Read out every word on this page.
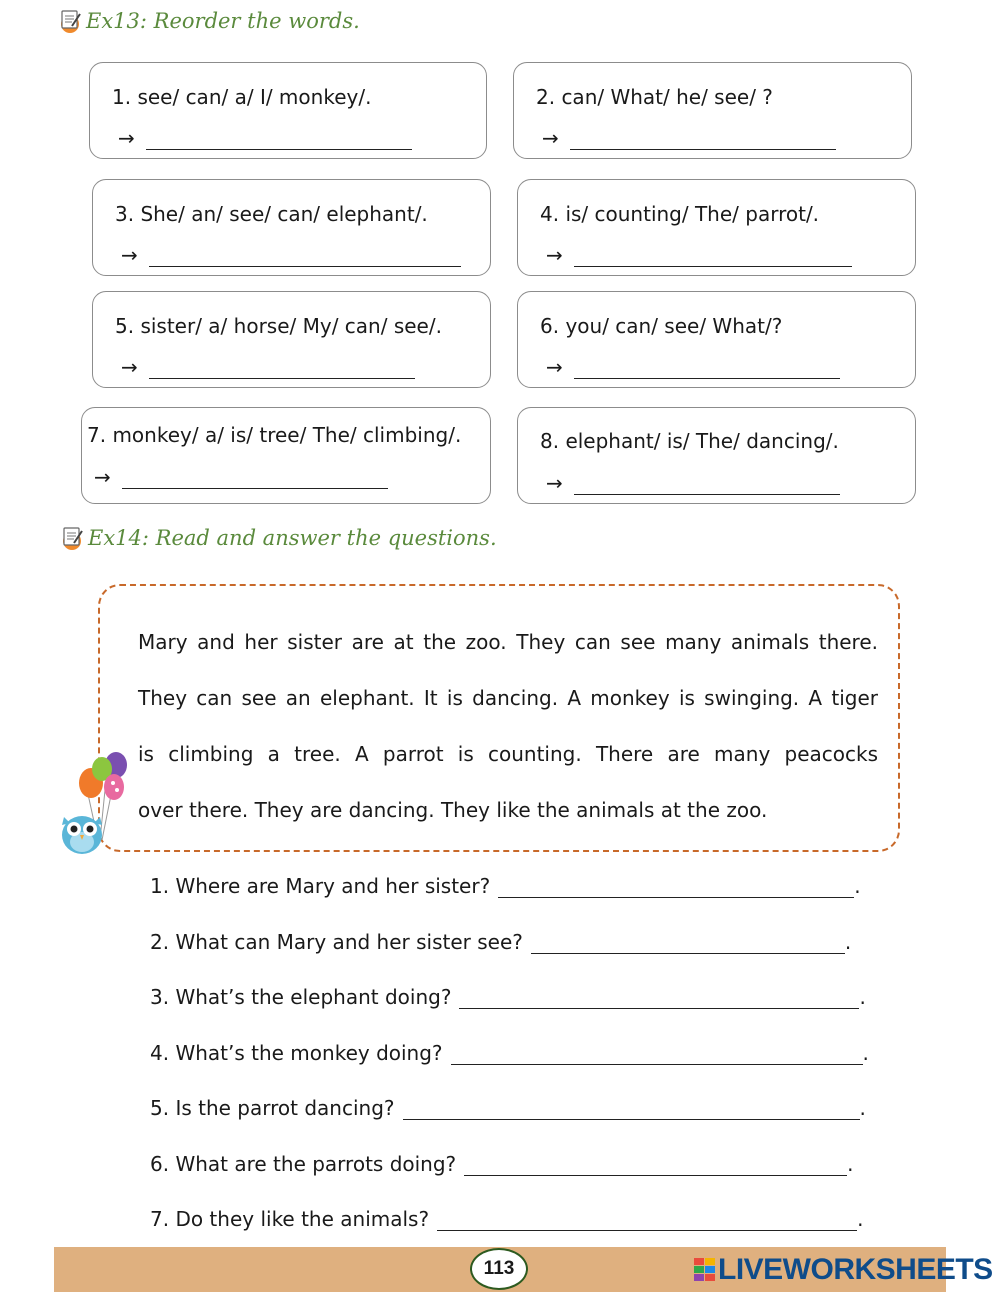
Ex13: Reorder the words.
1. see/ can/ a/ I/ monkey/.
→
2. can/ What/ he/ see/ ?
→
3. She/ an/ see/ can/ elephant/.
→
4. is/ counting/ The/ parrot/.
→
5. sister/ a/ horse/ My/ can/ see/.
→
6. you/ can/ see/ What/?
→
7. monkey/ a/ is/ tree/ The/ climbing/.
→
8. elephant/ is/ The/ dancing/.
→
Ex14: Read and answer the questions.

Mary and her sister are at the zoo. They can see many animals there.

They can see an elephant. It is dancing. A monkey is swinging. A tiger

is climbing a tree. A parrot is counting. There are many peacocks

over there. They are dancing. They like the animals at the zoo.

1. Where are Mary and her sister?	.
2. What can Mary and her sister see?	.
3. What’s the elephant doing?	.
4. What’s the monkey doing?	.
5. Is the parrot dancing?	.
6. What are the parrots doing?	.
7. Do they like the animals?	.
113	LIVEWORKSHEETS
